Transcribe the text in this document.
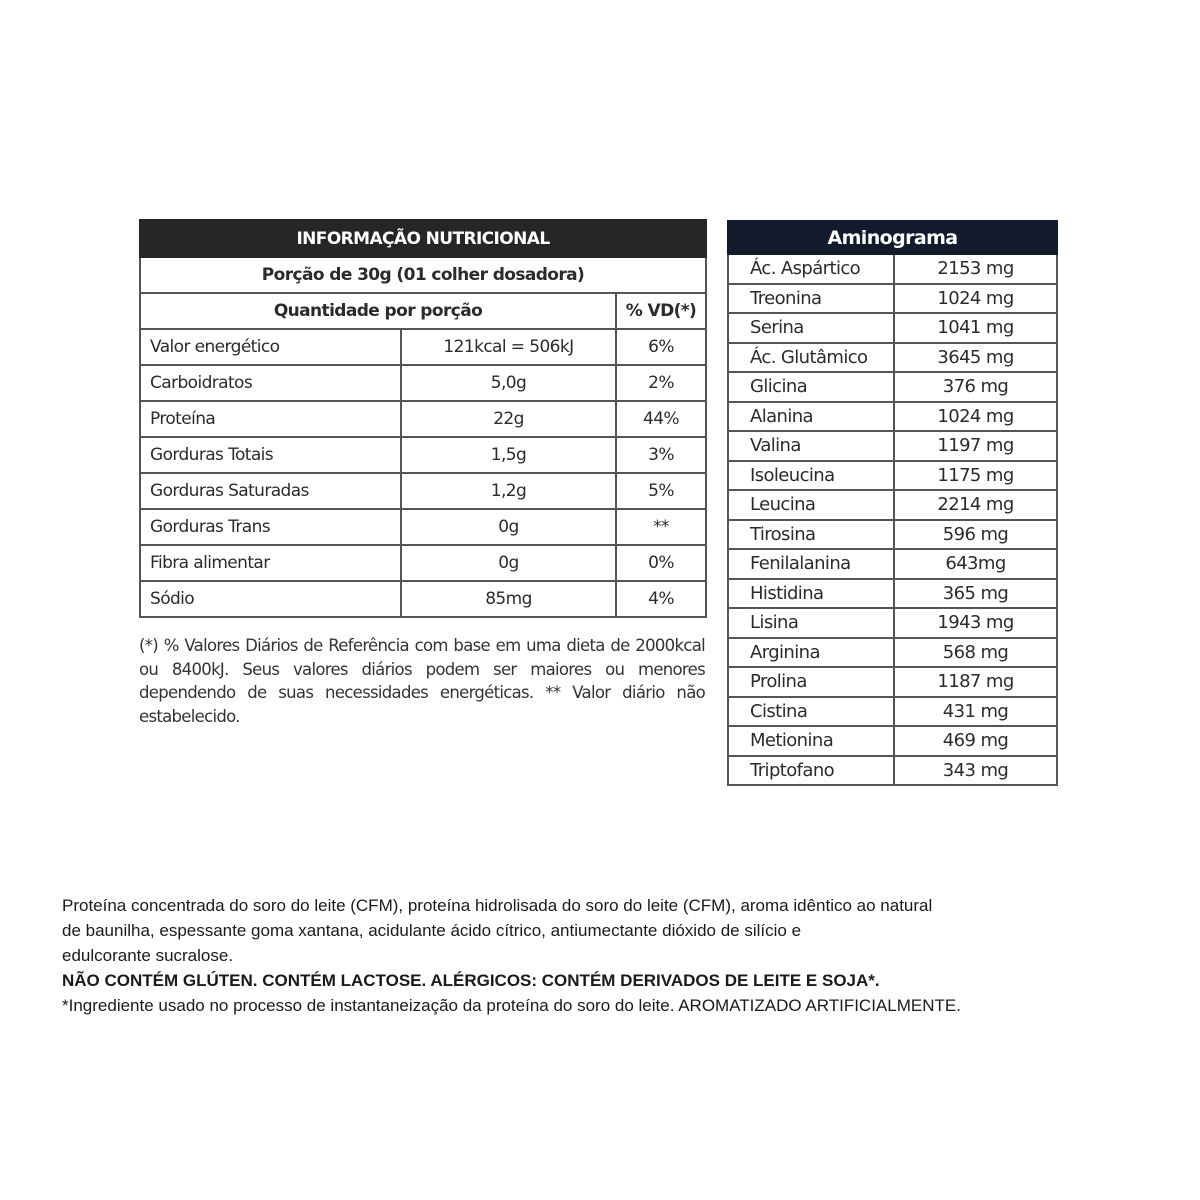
INFORMAÇÃO NUTRICIONAL		
Porção de 30g (01 colher dosadora)		
Quantidade por porção		% VD(*)
Valor energético	121kcal = 506kJ	6%
Carboidratos	5,0g	2%
Proteína	22g	44%
Gorduras Totais	1,5g	3%
Gorduras Saturadas	1,2g	5%
Gorduras Trans	0g	**
Fibra alimentar	0g	0%
Sódio	85mg	4%

(*) % Valores Diários de Referência com base em uma dieta de 2000kcal ou 8400kJ. Seus valores diários podem ser maiores ou menores dependendo de suas necessidades energéticas. ** Valor diário não estabelecido.

Aminograma	
Ác. Aspártico	2153 mg
Treonina	1024 mg
Serina	1041 mg
Ác. Glutâmico	3645 mg
Glicina	376 mg
Alanina	1024 mg
Valina	1197 mg
Isoleucina	1175 mg
Leucina	2214 mg
Tirosina	596 mg
Fenilalanina	643mg
Histidina	365 mg
Lisina	1943 mg
Arginina	568 mg
Prolina	1187 mg
Cistina	431 mg
Metionina	469 mg
Triptofano	343 mg

Proteína concentrada do soro do leite (CFM), proteína hidrolisada do soro do leite (CFM), aroma idêntico ao natural

de baunilha, espessante goma xantana, acidulante ácido cítrico, antiumectante dióxido de silício e

edulcorante sucralose.

NÃO CONTÉM GLÚTEN. CONTÉM LACTOSE. ALÉRGICOS: CONTÉM DERIVADOS DE LEITE E SOJA*.

*Ingrediente usado no processo de instantaneização da proteína do soro do leite. AROMATIZADO ARTIFICIALMENTE.
